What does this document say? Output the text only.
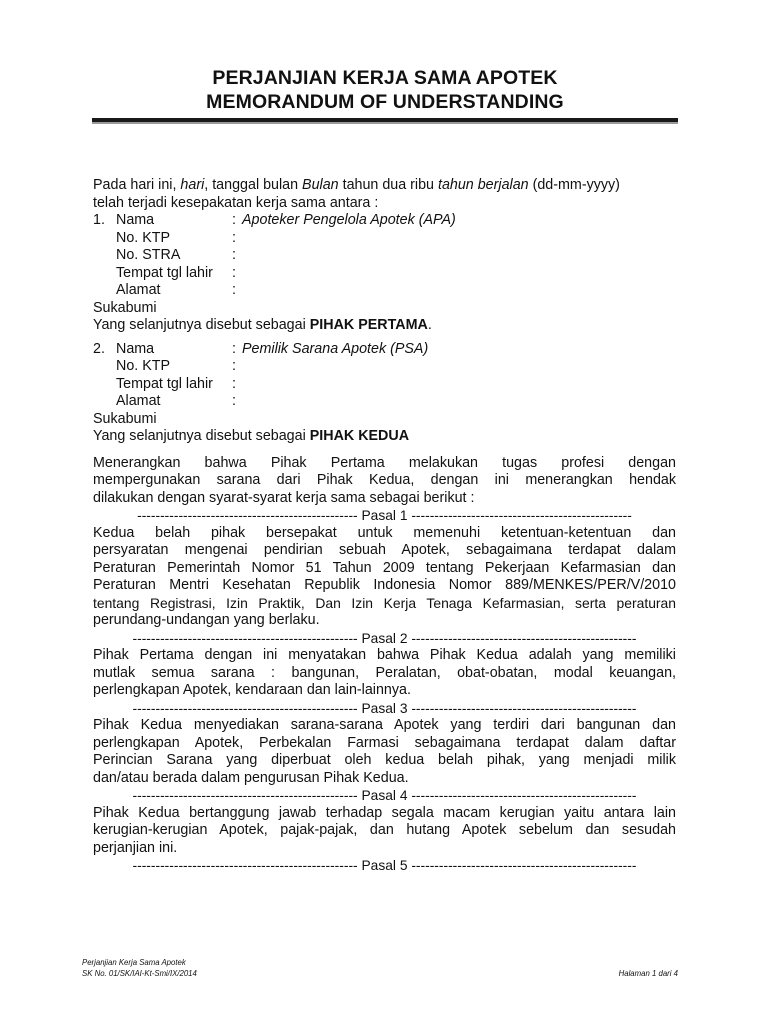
PERJANJIAN KERJA SAMA APOTEK
MEMORANDUM OF UNDERSTANDING

Pada hari ini, hari, tanggal bulan Bulan tahun dua ribu tahun berjalan (dd-mm-yyyy)

telah terjadi kesepakatan kerja sama antara :

1. Nama	: Apoteker Pengelola Apotek (APA)
No. KTP	:
No. STRA	:
Tempat tgl lahir	:
Alamat	:

Sukabumi

Yang selanjutnya disebut sebagai PIHAK PERTAMA.

2. Nama	: Pemilik Sarana Apotek (PSA)
No. KTP	:
Tempat tgl lahir	:
Alamat	:

Sukabumi

Yang selanjutnya disebut sebagai PIHAK KEDUA

Menerangkan bahwa Pihak Pertama melakukan tugas profesi dengan

mempergunakan sarana dari Pihak Kedua, dengan ini menerangkan hendak

dilakukan dengan syarat-syarat kerja sama sebagai berikut :

------------------------------------------------ Pasal 1 ------------------------------------------------

Kedua belah pihak bersepakat untuk memenuhi ketentuan-ketentuan dan

persyaratan mengenai pendirian sebuah Apotek, sebagaimana terdapat dalam

Peraturan Pemerintah Nomor 51 Tahun 2009 tentang Pekerjaan Kefarmasian dan

Peraturan Mentri Kesehatan Republik Indonesia Nomor 889/MENKES/PER/V/2010

tentang Registrasi, Izin Praktik, Dan Izin Kerja Tenaga Kefarmasian, serta peraturan

perundang-undangan yang berlaku.

------------------------------------------------- Pasal 2 -------------------------------------------------

Pihak Pertama dengan ini menyatakan bahwa Pihak Kedua adalah yang memiliki

mutlak semua sarana : bangunan, Peralatan, obat-obatan, modal keuangan,

perlengkapan Apotek, kendaraan dan lain-lainnya.

------------------------------------------------- Pasal 3 -------------------------------------------------

Pihak Kedua menyediakan sarana-sarana Apotek yang terdiri dari bangunan dan

perlengkapan Apotek, Perbekalan Farmasi sebagaimana terdapat dalam daftar

Perincian Sarana yang diperbuat oleh kedua belah pihak, yang menjadi milik

dan/atau berada dalam pengurusan Pihak Kedua.

------------------------------------------------- Pasal 4 -------------------------------------------------

Pihak Kedua bertanggung jawab terhadap segala macam kerugian yaitu antara lain

kerugian-kerugian Apotek, pajak-pajak, dan hutang Apotek sebelum dan sesudah

perjanjian ini.

------------------------------------------------- Pasal 5 -------------------------------------------------

Perjanjian Kerja Sama Apotek
SK No. 01/SK/IAI-Kt-Smi/IX/2014	Halaman 1 dari 4
